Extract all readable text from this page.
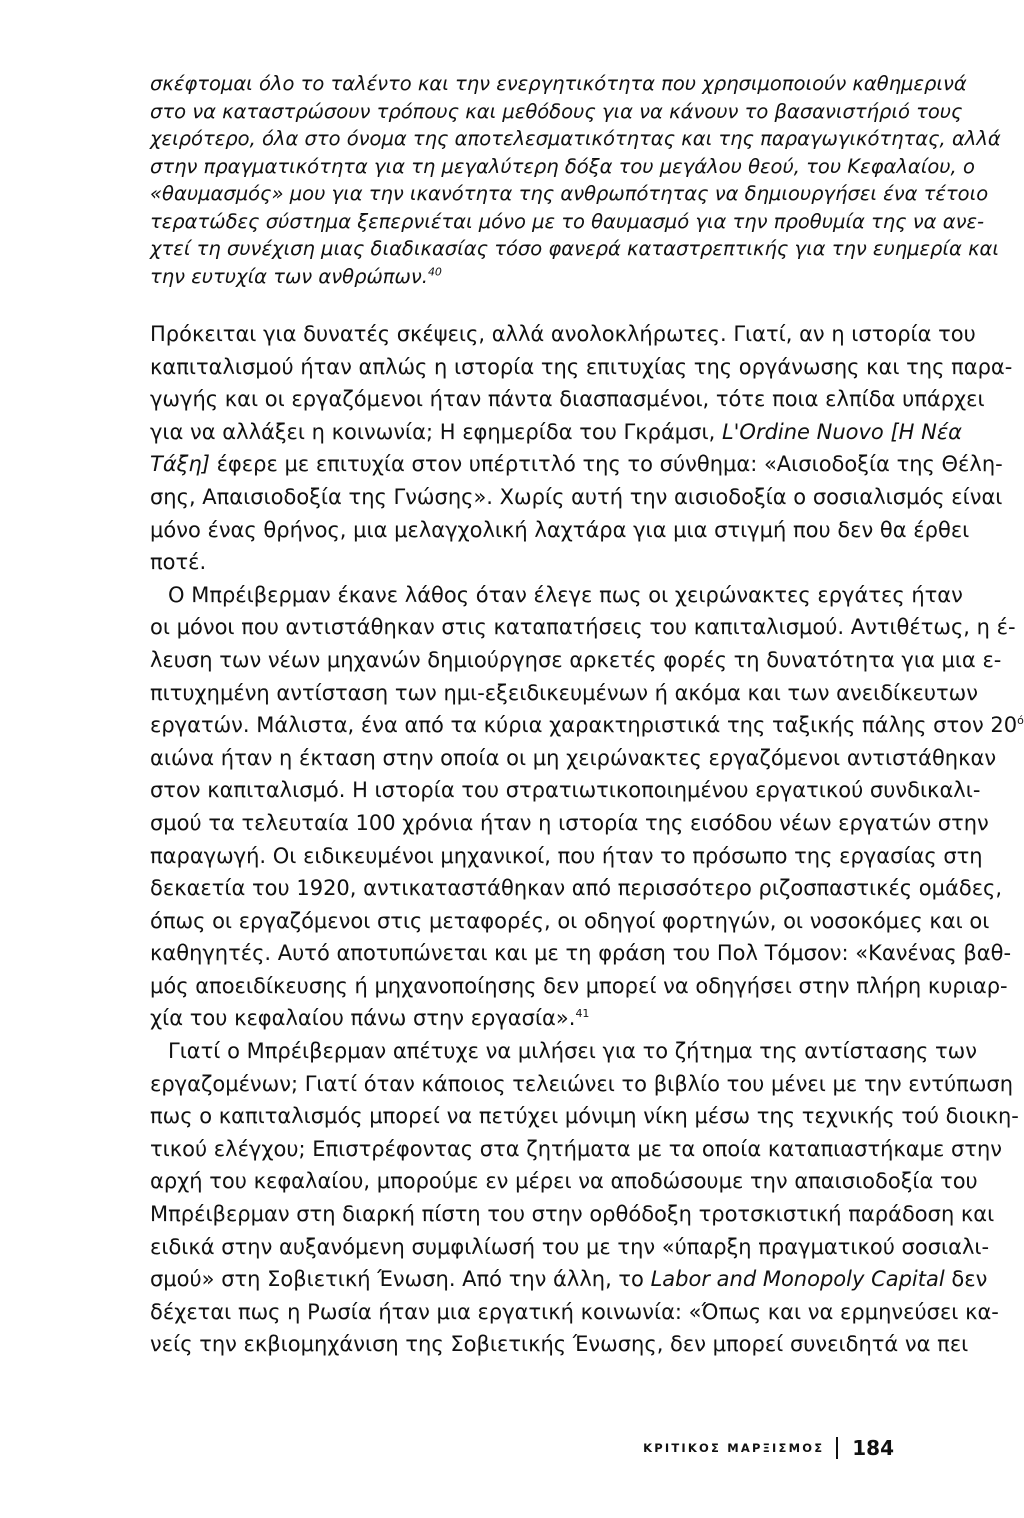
σκέφτομαι όλο το ταλέντο και την ενεργητικότητα που χρησιμοποιούν καθημερινά
στο να καταστρώσουν τρόπους και μεθόδους για να κάνουν το βασανιστήριό τους
χειρότερο, όλα στο όνομα της αποτελεσματικότητας και της παραγωγικότητας, αλλά
στην πραγματικότητα για τη μεγαλύτερη δόξα του μεγάλου θεού, του Κεφαλαίου, ο
«θαυμασμός» μου για την ικανότητα της ανθρωπότητας να δημιουργήσει ένα τέτοιο
τερατώδες σύστημα ξεπερνιέται μόνο με το θαυμασμό για την προθυμία της να ανε-
χτεί τη συνέχιση μιας διαδικασίας τόσο φανερά καταστρεπτικής για την ευημερία και
την ευτυχία των ανθρώπων.$^{40}$
Πρόκειται για δυνατές σκέψεις, αλλά ανολοκλήρωτες. Γιατί, αν η ιστορία του
καπιταλισμού ήταν απλώς η ιστορία της επιτυχίας της οργάνωσης και της παρα-
γωγής και οι εργαζόμενοι ήταν πάντα διασπασμένοι, τότε ποια ελπίδα υπάρχει
για να αλλάξει η κοινωνία; Η εφημερίδα του Γκράμσι, L'Ordine Nuovo [Η Νέα
Τάξη] έφερε με επιτυχία στον υπέρτιτλό της το σύνθημα: «Αισιοδοξία της Θέλη-
σης, Απαισιοδοξία της Γνώσης». Χωρίς αυτή την αισιοδοξία ο σοσιαλισμός είναι
μόνο ένας θρήνος, μια μελαγχολική λαχτάρα για μια στιγμή που δεν θα έρθει
ποτέ.
Ο Μπρέιβερμαν έκανε λάθος όταν έλεγε πως οι χειρώνακτες εργάτες ήταν
οι μόνοι που αντιστάθηκαν στις καταπατήσεις του καπιταλισμού. Αντιθέτως, η έ-
λευση των νέων μηχανών δημιούργησε αρκετές φορές τη δυνατότητα για μια ε-
πιτυχημένη αντίσταση των ημι-εξειδικευμένων ή ακόμα και των ανειδίκευτων
εργατών. Μάλιστα, ένα από τα κύρια χαρακτηριστικά της ταξικής πάλης στον $20^ό$
αιώνα ήταν η έκταση στην οποία οι μη χειρώνακτες εργαζόμενοι αντιστάθηκαν
στον καπιταλισμό. Η ιστορία του στρατιωτικοποιημένου εργατικού συνδικαλι-
σμού τα τελευταία 100 χρόνια ήταν η ιστορία της εισόδου νέων εργατών στην
παραγωγή. Οι ειδικευμένοι μηχανικοί, που ήταν το πρόσωπο της εργασίας στη
δεκαετία του 1920, αντικαταστάθηκαν από περισσότερο ριζοσπαστικές ομάδες,
όπως οι εργαζόμενοι στις μεταφορές, οι οδηγοί φορτηγών, οι νοσοκόμες και οι
καθηγητές. Αυτό αποτυπώνεται και με τη φράση του Πολ Τόμσον: «Κανένας βαθ-
μός αποειδίκευσης ή μηχανοποίησης δεν μπορεί να οδηγήσει στην πλήρη κυριαρ-
χία του κεφαλαίου πάνω στην εργασία».$^{41}$
Γιατί ο Μπρέιβερμαν απέτυχε να μιλήσει για το ζήτημα της αντίστασης των
εργαζομένων; Γιατί όταν κάποιος τελειώνει το βιβλίο του μένει με την εντύπωση
πως ο καπιταλισμός μπορεί να πετύχει μόνιμη νίκη μέσω της τεχνικής τού διοικη-
τικού ελέγχου; Επιστρέφοντας στα ζητήματα με τα οποία καταπιαστήκαμε στην
αρχή του κεφαλαίου, μπορούμε εν μέρει να αποδώσουμε την απαισιοδοξία του
Μπρέιβερμαν στη διαρκή πίστη του στην ορθόδοξη τροτσκιστική παράδοση και
ειδικά στην αυξανόμενη συμφιλίωσή του με την «ύπαρξη πραγματικού σοσιαλι-
σμού» στη Σοβιετική Ένωση. Από την άλλη, το Labor and Monopoly Capital δεν
δέχεται πως η Ρωσία ήταν μια εργατική κοινωνία: «Όπως και να ερμηνεύσει κα-
νείς την εκβιομηχάνιση της Σοβιετικής Ένωσης, δεν μπορεί συνειδητά να πει
ΚΡΙΤΙΚΟΣ ΜΑΡΞΙΣΜΟΣ 184
